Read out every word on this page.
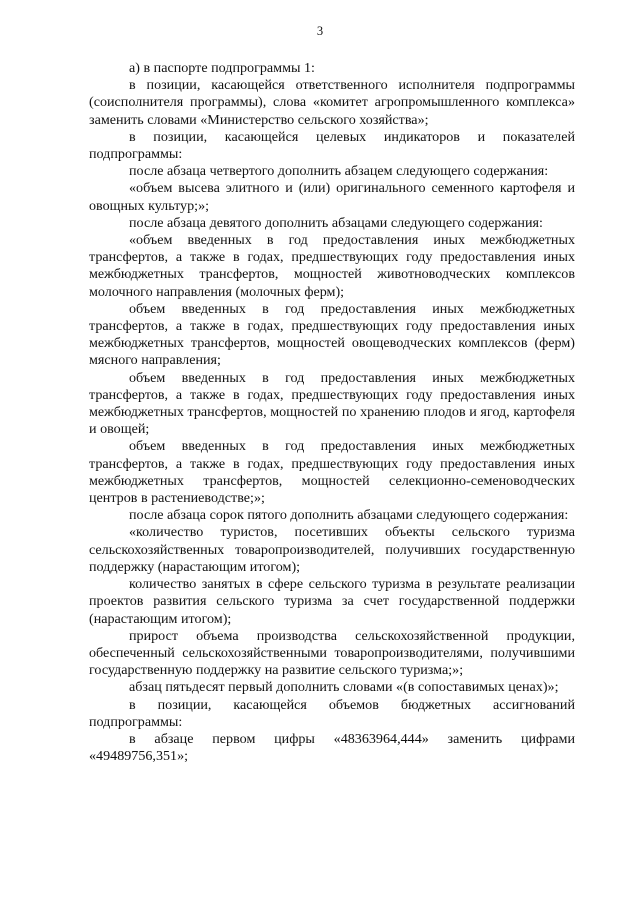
3

а) в паспорте подпрограммы 1:

в позиции, касающейся ответственного исполнителя подпрограммы (соисполнителя программы), слова «комитет агропромышленного комплекса» заменить словами «Министерство сельского хозяйства»;

в позиции, касающейся целевых индикаторов и показателей подпрограммы:

после абзаца четвертого дополнить абзацем следующего содержания:

«объем высева элитного и (или) оригинального семенного картофеля и овощных культур;»;

после абзаца девятого дополнить абзацами следующего содержания:

«объем введенных в год предоставления иных межбюджетных трансфертов, а также в годах, предшествующих году предоставления иных межбюджетных трансфертов, мощностей животноводческих комплексов молочного направления (молочных ферм);

объем введенных в год предоставления иных межбюджетных трансфертов, а также в годах, предшествующих году предоставления иных межбюджетных трансфертов, мощностей овощеводческих комплексов (ферм) мясного направления;

объем введенных в год предоставления иных межбюджетных трансфертов, а также в годах, предшествующих году предоставления иных межбюджетных трансфертов, мощностей по хранению плодов и ягод, картофеля и овощей;

объем введенных в год предоставления иных межбюджетных трансфертов, а также в годах, предшествующих году предоставления иных межбюджетных трансфертов, мощностей селекционно-семеноводческих центров в растениеводстве;»;

после абзаца сорок пятого дополнить абзацами следующего содержания:

«количество туристов, посетивших объекты сельского туризма сельскохозяйственных товаропроизводителей, получивших государственную поддержку (нарастающим итогом);

количество занятых в сфере сельского туризма в результате реализации проектов развития сельского туризма за счет государственной поддержки (нарастающим итогом);

прирост объема производства сельскохозяйственной продукции, обеспеченный сельскохозяйственными товаропроизводителями, получившими государственную поддержку на развитие сельского туризма;»;

абзац пятьдесят первый дополнить словами «(в сопоставимых ценах)»;

в позиции, касающейся объемов бюджетных ассигнований подпрограммы:

в абзаце первом цифры «48363964,444» заменить цифрами «49489756,351»;
